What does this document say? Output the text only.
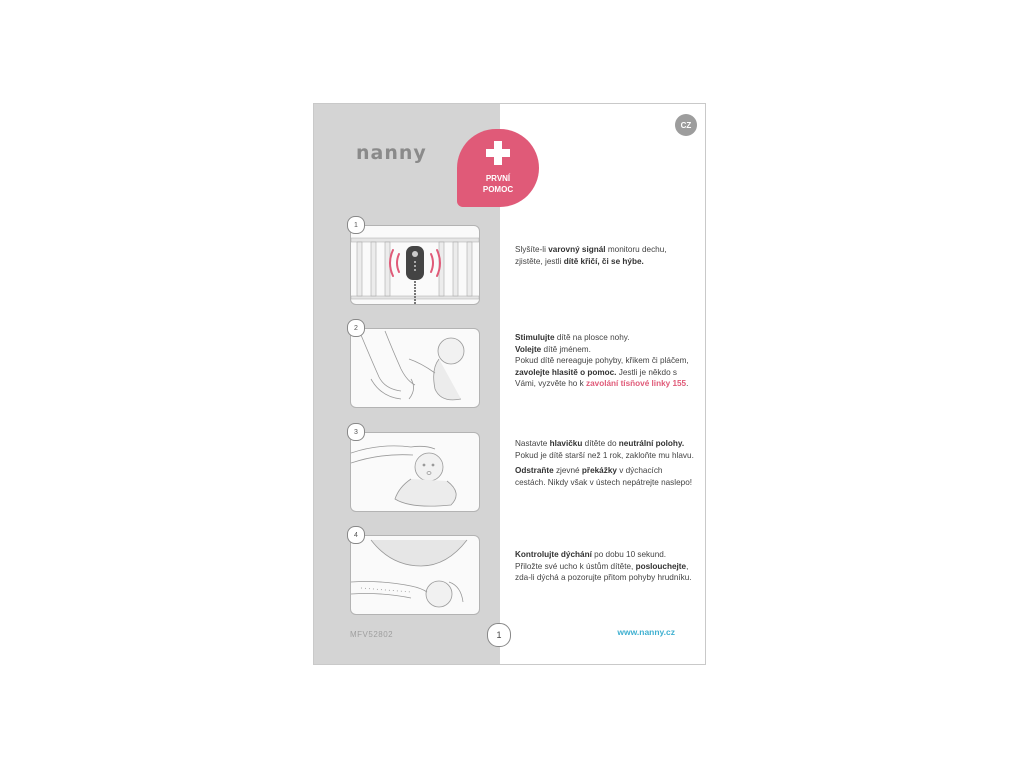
nanny
PRVNÍ
POMOC
CZ
1

Slyšíte-li varovný signál monitoru dechu, zjistěte, jestli dítě křičí, či se hýbe.

2

Stimulujte dítě na plosce nohy.

Volejte dítě jménem.

Pokud dítě nereaguje pohyby, křikem či pláčem, zavolejte hlasitě o pomoc. Jestli je někdo s Vámi, vyzvěte ho k zavolání tísňové linky 155.

3

Nastavte hlavičku dítěte do neutrální polohy. Pokud je dítě starší než 1 rok, zakloňte mu hlavu.

Odstraňte zjevné překážky v dýchacích cestách. Nikdy však v ústech nepátrejte naslepo!

4

Kontrolujte dýchání po dobu 10 sekund. Přiložte své ucho k ústům dítěte, poslouchejte, zda-li dýchá a pozorujte přitom pohyby hrudníku.

MFV52802	1	www.nanny.cz
